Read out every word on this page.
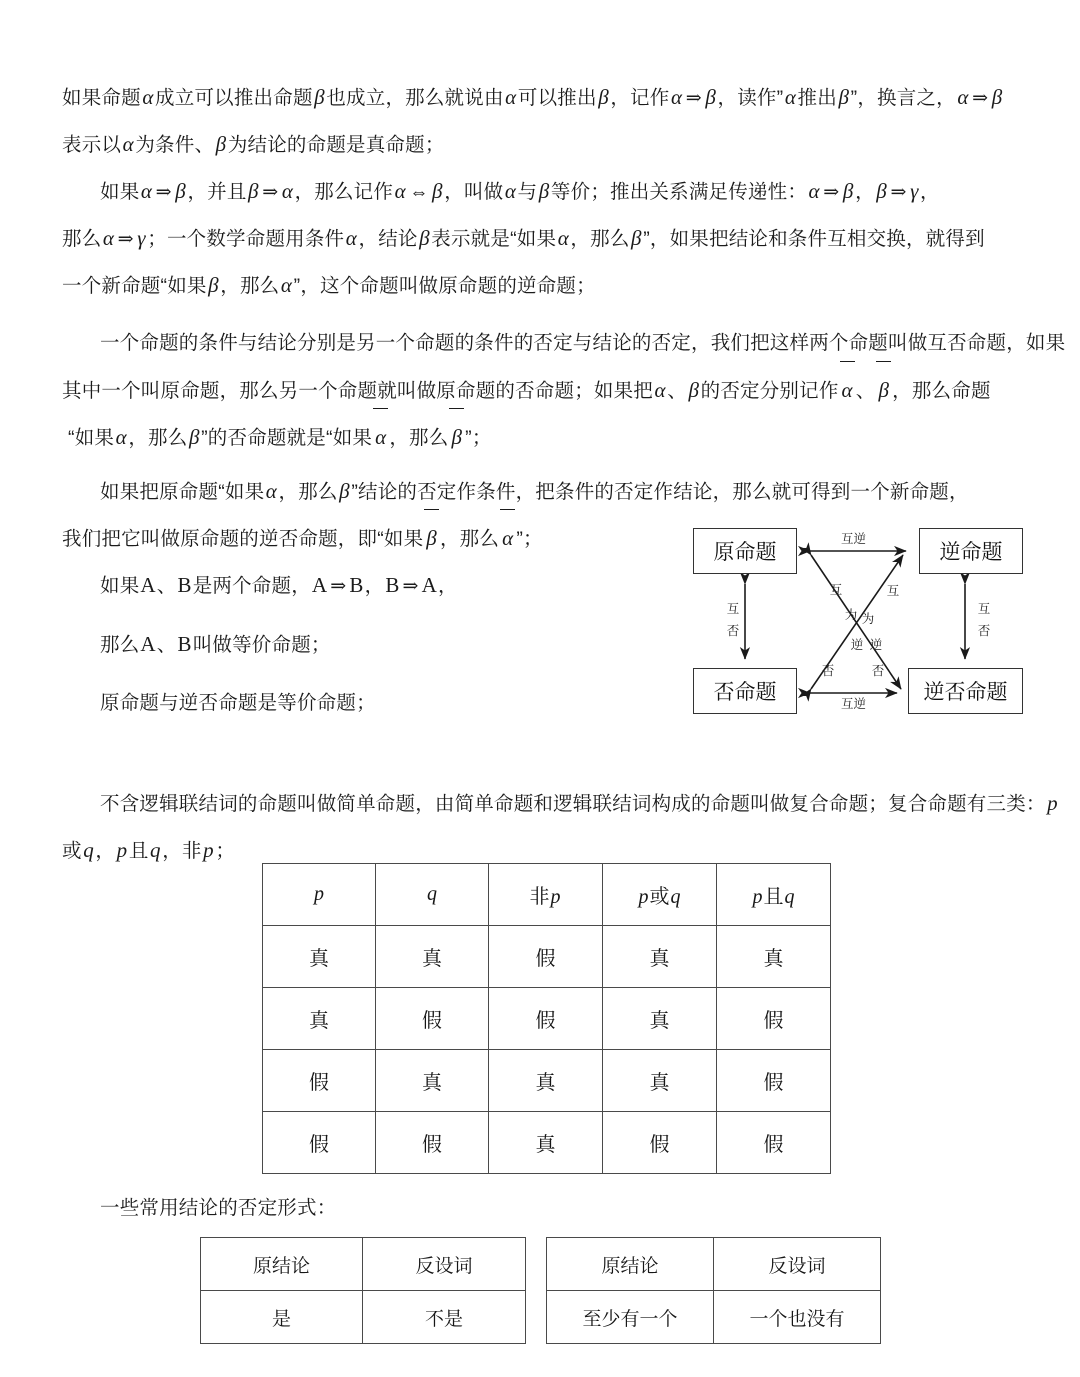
如果命题α成立可以推出命题β也成立，那么就说由α可以推出β，记作α ⇒ β，读作”α推出β”，换言之，α ⇒ β
表示以α为条件、β为结论的命题是真命题；
如果α ⇒ β，并且β ⇒ α，那么记作α ⇔ β，叫做α与β等价；推出关系满足传递性：α ⇒ β，β ⇒ γ，
那么α ⇒ γ；一个数学命题用条件α，结论β表示就是“如果α，那么β”，如果把结论和条件互相交换，就得到
一个新命题“如果β，那么α”，这个命题叫做原命题的逆命题；
一个命题的条件与结论分别是另一个命题的条件的否定与结论的否定，我们把这样两个命题叫做互否命题，如果
其中一个叫原命题，那么另一个命题就叫做原命题的否命题；如果把α、β的否定分别记作 α 、 β ，那么命题
“如果α，那么β”的否命题就是“如果 α ，那么 β ”；
如果把原命题“如果α，那么β”结论的否定作条件，把条件的否定作结论，那么就可得到一个新命题，
我们把它叫做原命题的逆否命题，即“如果 β ，那么 α ”；
如果A、B是两个命题，A ⇒ B，B ⇒ A，
那么A、B叫做等价命题；
原命题与逆否命题是等价命题；
原命题	逆命题
否命题	逆否命题
互逆
互逆
互
否
互
否
互
为
逆
否
否
逆
为
互
不含逻辑联结词的命题叫做简单命题，由简单命题和逻辑联结词构成的命题叫做复合命题；复合命题有三类：p
或q，p且q，非p；
p	q	非p	p或q	p且q
真	真	假	真	真
真	假	假	真	假
假	真	真	真	假
假	假	真	假	假
一些常用结论的否定形式：
原结论	反设词
是	不是
原结论	反设词
至少有一个	一个也没有
